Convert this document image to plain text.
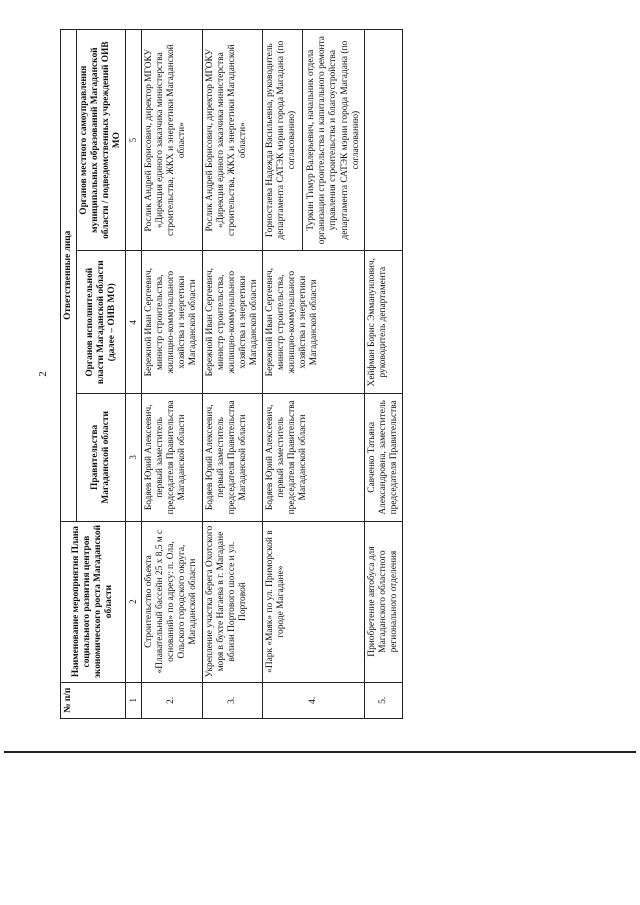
2
№ п/п	Наименование мероприятия Плана социального развития центров экономического роста Магаданской области	Ответственные лица		
		Правительства Магаданской области	Органов исполнительной власти Магаданской области (далее – ОИВ МО)	Органов местного самоуправления муниципальных образований Магаданской области / подведомственных учреждений ОИВ МО
1	2	3	4	5
2.	Строительство объекта «Плавательный бассейн 25 х 8,5 м с оснований» по адресу: п. Ола, Ольского городского округа, Магаданской области	Бодяев Юрий Алексеевич, первый заместитель председателя Правительства Магаданской области	Бережной Иван Сергеевич, министр строительства, жилищно-коммунального хозяйства и энергетики Магаданской области	Рослик Андрей Борисович, директор МГОКУ «Дирекция единого заказчика министерства строительства, ЖКХ и энергетики Магаданской области»

3.	Укрепление участка берега Охотского моря в бухте Нагаева в г. Магадане вблизи Портового шоссе и ул. Портовой	Бодяев Юрий Алексеевич, первый заместитель председателя Правительства Магаданской области	Бережной Иван Сергеевич, министр строительства, жилищно-коммунального хозяйства и энергетики Магаданской области	Рослик Андрей Борисович, директор МГОКУ «Дирекция единого заказчика министерства строительства, ЖКХ и энергетики Магаданской области»

4.	«Парк «Маяк» по ул. Приморской в городе Магадане»	Бодяев Юрий Алексеевич, первый заместитель председателя Правительства Магаданской области	Бережной Иван Сергеевич, министр строительства, жилищно-коммунального хозяйства и энергетики Магаданской области	Горностаева Надежда Васильевна, руководитель департамента САТЭК мэрии города Магадана (по согласованию) Туркин Тимур Валерьевич, начальник отдела организации строительства и капитального ремонта управления строительства и благоустройства департамента САТЭК мэрии города Магадана (по согласованию)

5.	Приобретение автобуса для Магаданского областного регионального отделения	Савченко Татьяна Александровна, заместитель председателя Правительства	Хейфман Борис Эммануилович, руководитель департамента	
